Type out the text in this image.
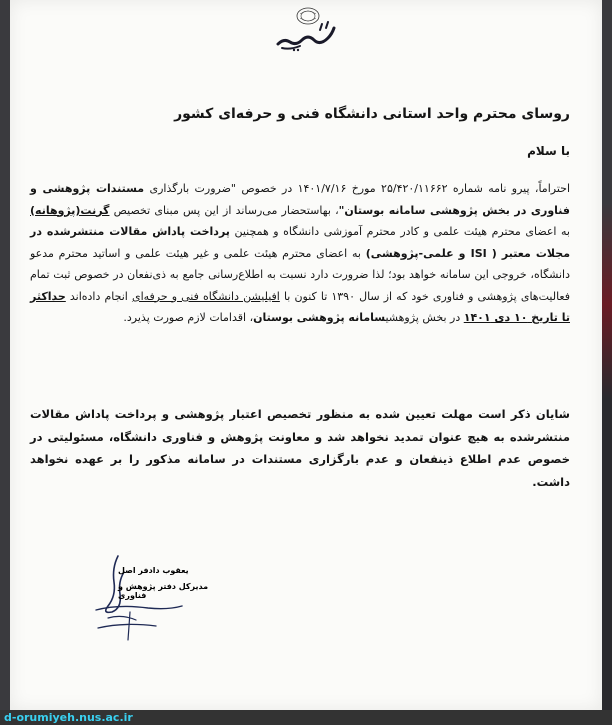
روسای محترم واحد استانی دانشگاه فنی و حرفه‌ای کشور
با سلام
احتراماً، پیرو نامه شماره ۲۵/۴۲۰/۱۱۶۶۲ مورخ ۱۴۰۱/۷/۱۶ در خصوص "ضرورت بارگذاری مستندات پژوهشی و فناوری در بخش پژوهشی سامانه بوستان"، بهاستحضار می‌رساند از این پس مبنای تخصیص گرنت(پژوهانه) به اعضای محترم هیئت علمی و کادر محترم آموزشی دانشگاه و همچنین پرداخت پاداش مقالات منتشرشده در مجلات معتبر ( ISI و علمی-پژوهشی) به اعضای محترم هیئت علمی و غیر هیئت علمی و اساتید محترم مدعو دانشگاه، خروجی این سامانه خواهد بود؛ لذا ضرورت دارد نسبت به اطلاع‌رسانی جامع به ذی‌نفعان در خصوص ثبت تمام فعالیت‌های پژوهشی و فناوری خود که از سال ۱۳۹۰ تا کنون با افیلیشن دانشگاه فنی و حرفه‌ای انجام داده‌اند حداکثر تا تاریخ ۱۰ دی ۱۴۰۱ در بخش پژوهشیسامانه پژوهشی بوستان، اقدامات لازم صورت پذیرد.
شایان ذکر است مهلت تعیین شده به منظور تخصیص اعتبار پژوهشی و پرداخت پاداش مقالات منتشرشده به هیچ عنوان تمدید نخواهد شد و معاونت پژوهش و فناوری دانشگاه، مسئولیتی در خصوص عدم اطلاع ذینفعان و عدم بارگزاری مستندات در سامانه مذکور را بر عهده نخواهد داشت.
یعقوب دادفر اصل
مدیرکل دفتر پژوهش و فناوری
d-orumiyeh.nus.ac.ir
